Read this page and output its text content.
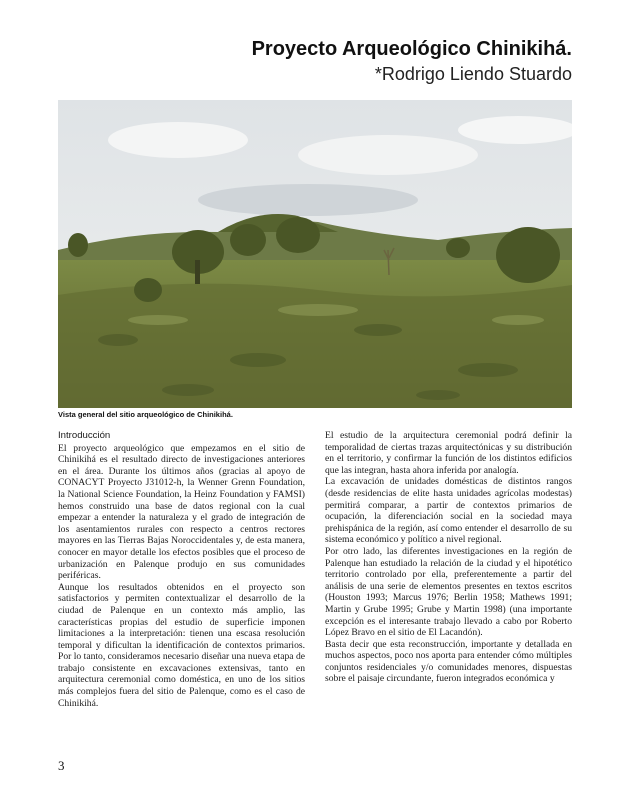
Proyecto Arqueológico Chinikihá.
*Rodrigo Liendo Stuardo
Vista general del sitio arqueológico de Chinikihá.
Introducción

El proyecto arqueológico que empezamos en el sitio de Chinikihá es el resultado directo de investigaciones anteriores en el área. Durante los últimos años (gracias al apoyo de CONACYT Proyecto J31012-h, la Wenner Grenn Foundation, la National Science Foundation, la Heinz Foundation y FAMSI) hemos construido una base de datos regional con la cual empezar a entender la naturaleza y el grado de integración de los asentamientos rurales con respecto a centros rectores mayores en las Tierras Bajas Noroccidentales y, de esta manera, conocer en mayor detalle los efectos posibles que el proceso de urbanización en Palenque produjo en sus comunidades periféricas.

Aunque los resultados obtenidos en el proyecto son satisfactorios y permiten contextualizar el desarrollo de la ciudad de Palenque en un contexto más amplio, las características propias del estudio de superficie imponen limitaciones a la interpretación: tienen una escasa resolución temporal y dificultan la identificación de contextos primarios. Por lo tanto, consideramos necesario diseñar una nueva etapa de trabajo consistente en excavaciones extensivas, tanto en arquitectura ceremonial como doméstica, en uno de los sitios más complejos fuera del sitio de Palenque, como es el caso de Chinikihá.

El estudio de la arquitectura ceremonial podrá definir la temporalidad de ciertas trazas arquitectónicas y su distribución en el territorio, y confirmar la función de los distintos edificios que las integran, hasta ahora inferida por analogía.

La excavación de unidades domésticas de distintos rangos (desde residencias de elite hasta unidades agrícolas modestas) permitirá comparar, a partir de contextos primarios de ocupación, la diferenciación social en la sociedad maya prehispánica de la región, así como entender el desarrollo de su sistema económico y político a nivel regional.

Por otro lado, las diferentes investigaciones en la región de Palenque han estudiado la relación de la ciudad y el hipotético territorio controlado por ella, preferentemente a partir del análisis de una serie de elementos presentes en textos escritos (Houston 1993; Marcus 1976; Berlin 1958; Mathews 1991; Martin y Grube 1995; Grube y Martin 1998) (una importante excepción es el interesante trabajo llevado a cabo por Roberto López Bravo en el sitio de El Lacandón).

Basta decir que esta reconstrucción, importante y detallada en muchos aspectos, poco nos aporta para entender cómo múltiples conjuntos residenciales y/o comunidades menores, dispuestas sobre el paisaje circundante, fueron integrados económica y

3
